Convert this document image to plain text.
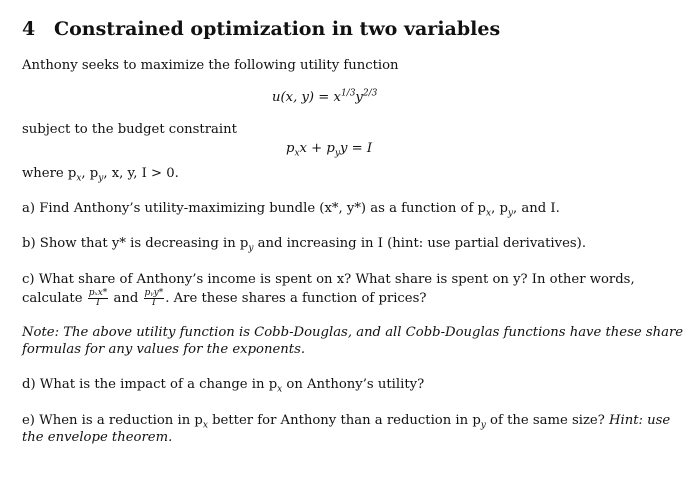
4 Constrained optimization in two variables
Anthony seeks to maximize the following utility function
u(x, $y) = x^{1/3}y^{2/3}$
subject to the budget constraint
$p_xx + p_yy = I$
where $p_x$, $p_y$, x, y, I > 0.
a) Find Anthony’s utility-maximizing bundle (x*, y*) as a function of $p_x$, $p_y$, and I.
b) Show that y* is decreasing in $p_y$ and increasing in I (hint: use partial derivatives).
c) What share of Anthony’s income is spent on x? What share is spent on y? In other words,
calculate $\frac{\text{pₓx*}}{I}$ and $\frac{\text{pᵧy*}}{I}$ . Are these shares a function of prices?
Note: The above utility function is Cobb-Douglas, and all Cobb-Douglas functions have these share
formulas for any values for the exponents.
d) What is the impact of a change in $p_x$ on Anthony’s utility?
e) When is a reduction in $p_x$ better for Anthony than a reduction in $p_y$ of the same size? Hint: use
the envelope theorem.
